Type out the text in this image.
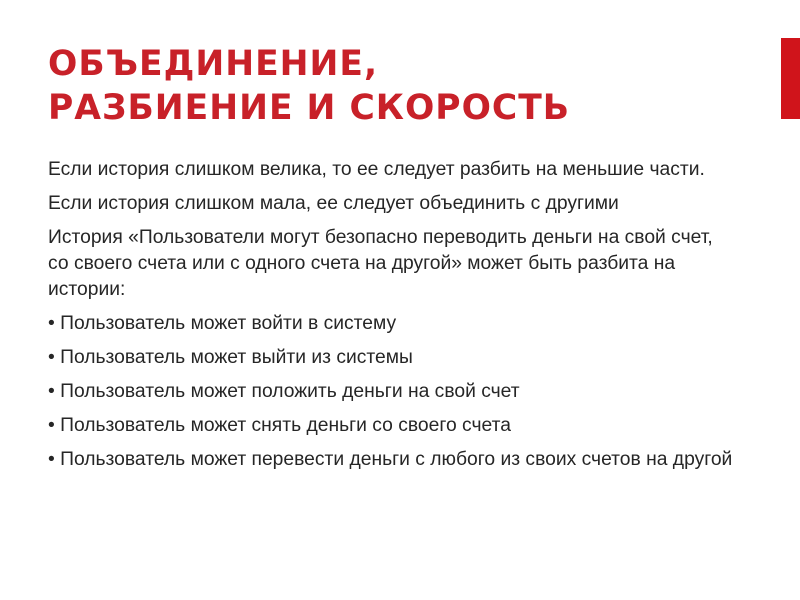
ОБЪЕДИНЕНИЕ,
РАЗБИЕНИЕ И СКОРОСТЬ

Если история слишком велика, то ее следует разбить на меньшие части.

Если история слишком мала, ее следует объединить с другими

История «Пользователи могут безопасно переводить деньги на свой счет, со своего счета или с одного счета на другой» может быть разбита на истории:

• Пользователь может войти в систему
• Пользователь может выйти из системы
• Пользователь может положить деньги на свой счет
• Пользователь может снять деньги со своего счета
• Пользователь может перевести деньги с любого из своих счетов на другой
